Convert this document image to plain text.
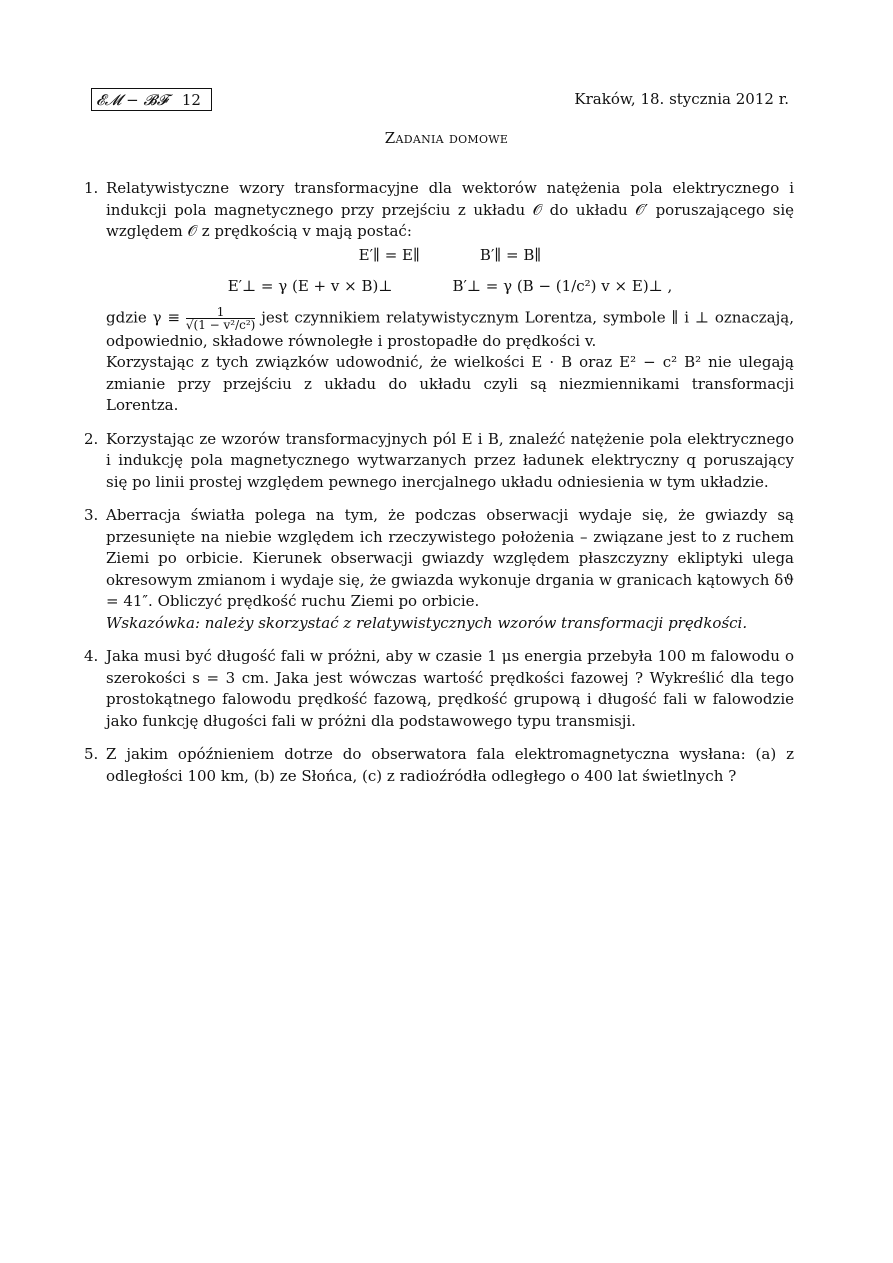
𝓔𝓜 − 𝓑𝓕 12	Kraków, 18. stycznia 2012 r.
Zadania domowe
1. Relatywistyczne wzory transformacyjne dla wektorów natężenia pola elektrycznego i indukcji pola magnetycznego przy przejściu z układu 𝒪 do układu 𝒪′ poruszającego się względem 𝒪 z prędkością v mają postać:
E′∥ = E∥	B′∥ = B∥
E′⊥ = γ (E + v × B)⊥	B′⊥ = γ (B − (1/c²) v × E)⊥ ,
gdzie $\gamma \equiv \frac{1}{\text{√(1 − v²/c²)}}$ jest czynnikiem relatywistycznym Lorentza, symbole ∥ i ⊥ oznaczają, odpowiednio, składowe równoległe i prostopadłe do prędkości v.
Korzystając z tych związków udowodnić, że wielkości E · B oraz E² − c² B² nie ulegają zmianie przy przejściu z układu do układu czyli są niezmiennikami transformacji Lorentza.
2. Korzystając ze wzorów transformacyjnych pól E i B, znaleźć natężenie pola elektrycznego i indukcję pola magnetycznego wytwarzanych przez ładunek elektryczny q poruszający się po linii prostej względem pewnego inercjalnego układu odniesienia w tym układzie.
3. Aberracja światła polega na tym, że podczas obserwacji wydaje się, że gwiazdy są przesunięte na niebie względem ich rzeczywistego położenia – związane jest to z ruchem Ziemi po orbicie. Kierunek obserwacji gwiazdy względem płaszczyzny ekliptyki ulega okresowym zmianom i wydaje się, że gwiazda wykonuje drgania w granicach kątowych δϑ = 41″. Obliczyć prędkość ruchu Ziemi po orbicie.
Wskazówka: należy skorzystać z relatywistycznych wzorów transformacji prędkości.
4. Jaka musi być długość fali w próżni, aby w czasie 1 μs energia przebyła 100 m falowodu o szerokości s = 3 cm. Jaka jest wówczas wartość prędkości fazowej ? Wykreślić dla tego prostokątnego falowodu prędkość fazową, prędkość grupową i długość fali w falowodzie jako funkcję długości fali w próżni dla podstawowego typu transmisji.
5. Z jakim opóźnieniem dotrze do obserwatora fala elektromagnetyczna wysłana: (a) z odległości 100 km, (b) ze Słońca, (c) z radioźródła odległego o 400 lat świetlnych ?
